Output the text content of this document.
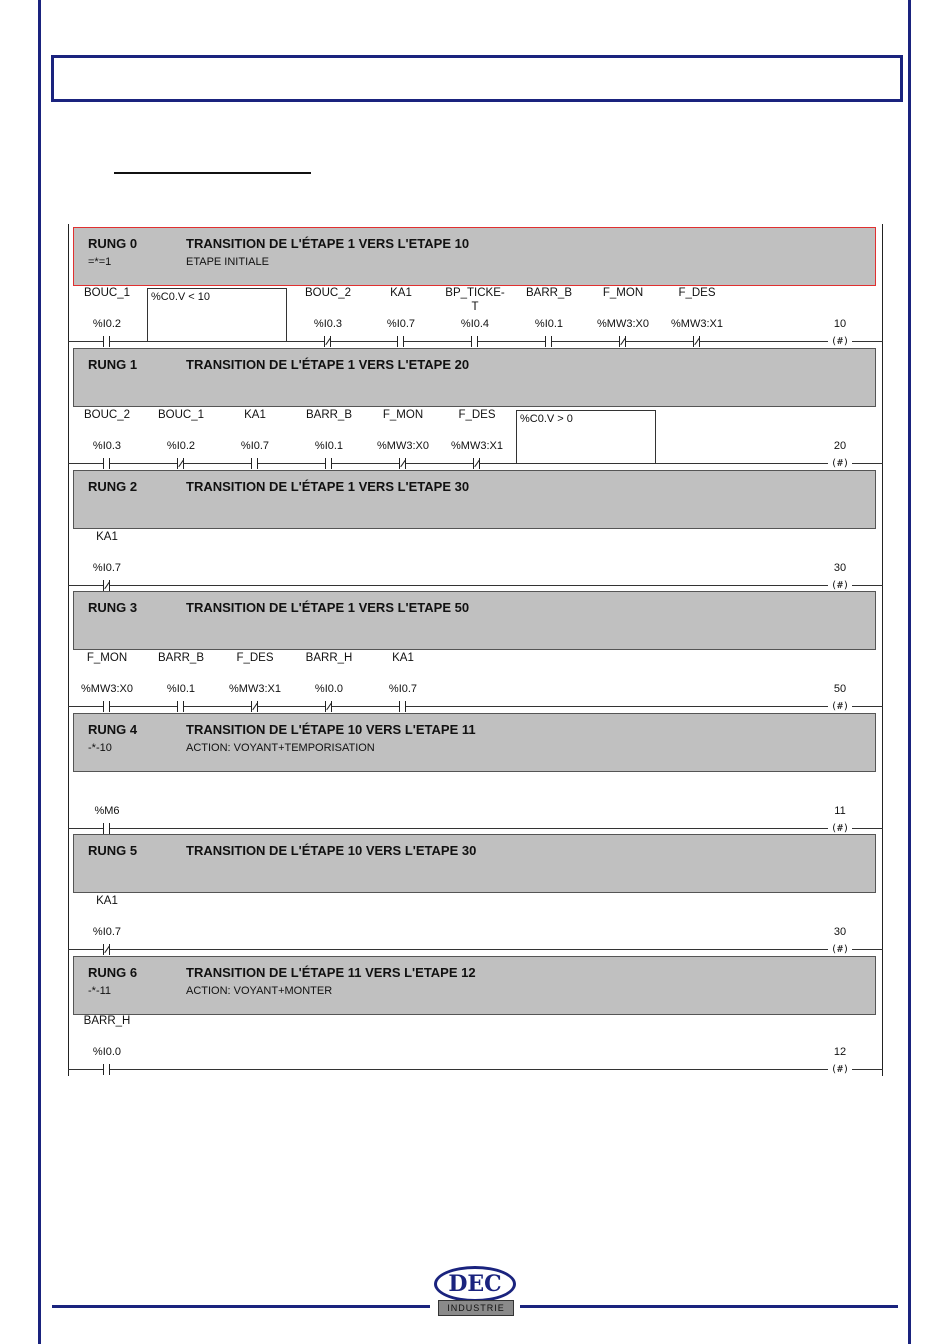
RUNG 0	TRANSITION DE L'ÉTAPE 1 VERS L'ETAPE 10
=*=1	ETAPE INITIALE
%C0.V < 10
BOUC_1
%I0.2
BOUC_2
%I0.3
KA1
%I0.7
BP_TICKE-
T
%I0.4
BARR_B
%I0.1
F_MON
%MW3:X0
F_DES
%MW3:X1	10
(#)
RUNG 1	TRANSITION DE L'ÉTAPE 1 VERS L'ETAPE 20
%C0.V > 0
BOUC_2
%I0.3
BOUC_1
%I0.2
KA1
%I0.7
BARR_B
%I0.1
F_MON
%MW3:X0
F_DES
%MW3:X1	20
(#)
RUNG 2	TRANSITION DE L'ÉTAPE 1 VERS L'ETAPE 30
KA1
%I0.7	30
(#)
RUNG 3	TRANSITION DE L'ÉTAPE 1 VERS L'ETAPE 50
F_MON
%MW3:X0
BARR_B
%I0.1
F_DES
%MW3:X1
BARR_H
%I0.0
KA1
%I0.7	50
(#)
RUNG 4	TRANSITION DE L'ÉTAPE 10 VERS L'ETAPE 11
-*-10	ACTION: VOYANT+TEMPORISATION
%M6	11
(#)
RUNG 5	TRANSITION DE L'ÉTAPE 10 VERS L'ETAPE 30
KA1
%I0.7	30
(#)
RUNG 6	TRANSITION DE L'ÉTAPE 11 VERS L'ETAPE 12
-*-11	ACTION: VOYANT+MONTER
BARR_H
%I0.0	12
(#)
DEC
INDUSTRIE
